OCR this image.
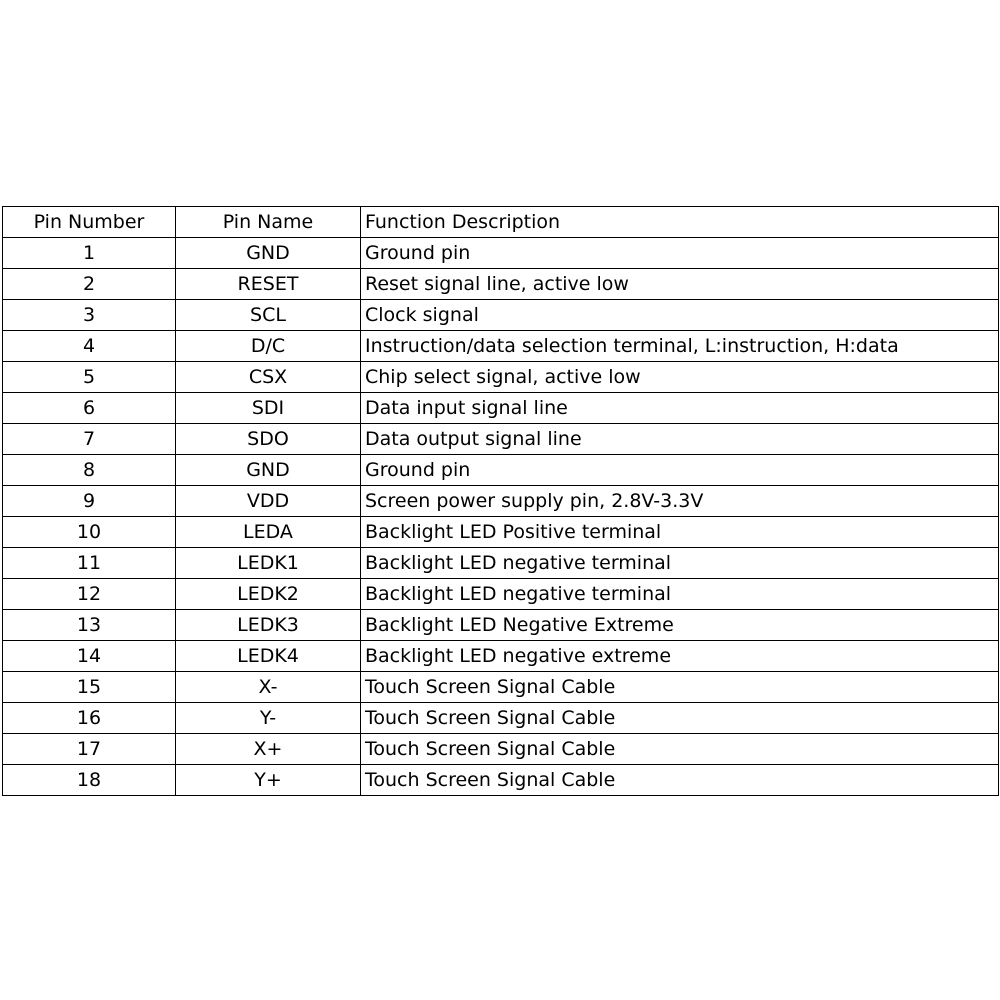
Pin Number	Pin Name	Function Description
1	GND	Ground pin
2	RESET	Reset signal line, active low
3	SCL	Clock signal
4	D/C	Instruction/data selection terminal, L:instruction, H:data
5	CSX	Chip select signal, active low
6	SDI	Data input signal line
7	SDO	Data output signal line
8	GND	Ground pin
9	VDD	Screen power supply pin, 2.8V-3.3V
10	LEDA	Backlight LED Positive terminal
11	LEDK1	Backlight LED negative terminal
12	LEDK2	Backlight LED negative terminal
13	LEDK3	Backlight LED Negative Extreme
14	LEDK4	Backlight LED negative extreme
15	X-	Touch Screen Signal Cable
16	Y-	Touch Screen Signal Cable
17	X+	Touch Screen Signal Cable
18	Y+	Touch Screen Signal Cable
